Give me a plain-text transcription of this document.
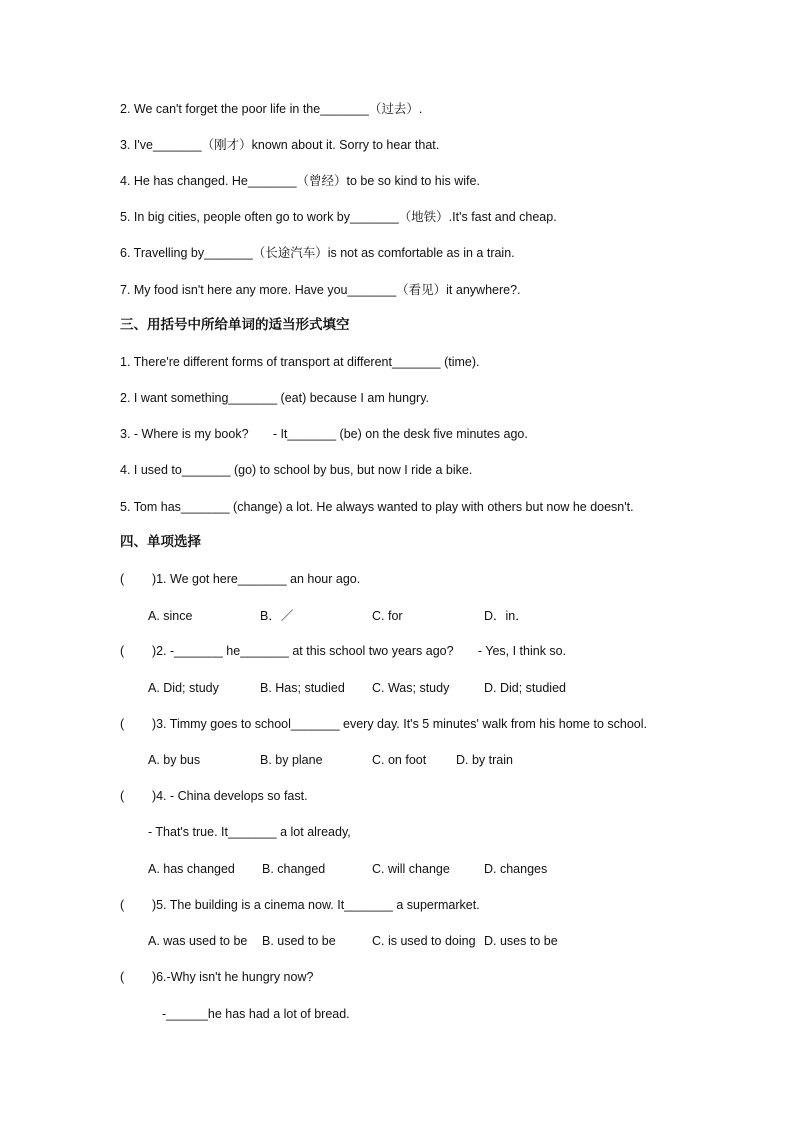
2. We can't forget the poor life in the_______（过去）.
3. I've_______（刚才）known about it. Sorry to hear that.
4. He has changed. He_______（曾经）to be so kind to his wife.
5. In big cities, people often go to work by_______（地铁）.It's fast and cheap.
6. Travelling by_______（长途汽车）is not as comfortable as in a train.
7. My food isn't here any more. Have you_______（看见）it anywhere?.
三、用括号中所给单词的适当形式填空
1. There're different forms of transport at different_______ (time).
2. I want something_______ (eat) because I am hungry.
3. - Where is my book?       - It_______ (be) on the desk five minutes ago.
4. I used to_______ (go) to school by bus, but now I ride a bike.
5. Tom has_______ (change) a lot. He always wanted to play with others but now he doesn't.
四、单项选择
(        )1. We got here_______ an hour ago.
A. since	B．／	C. for	D．in．
(        )2. -_______ he_______ at this school two years ago?       - Yes, I think so.
A. Did; study	B. Has; studied C. Was; study	D. Did; studied
(        )3. Timmy goes to school_______ every day. It's 5 minutes' walk from his home to school.
A. by bus	B. by plane	C. on foot D. by train
(        )4. - China develops so fast.
- That's true. It_______ a lot already,
A. has changed B. changed	C. will change	D. changes
(        )5. The building is a cinema now. It_______ a supermarket.
A. was used to be B. used to be	C. is used to doing D. uses to be
(        )6.-Why isn't he hungry now?
-______he has had a lot of bread.
